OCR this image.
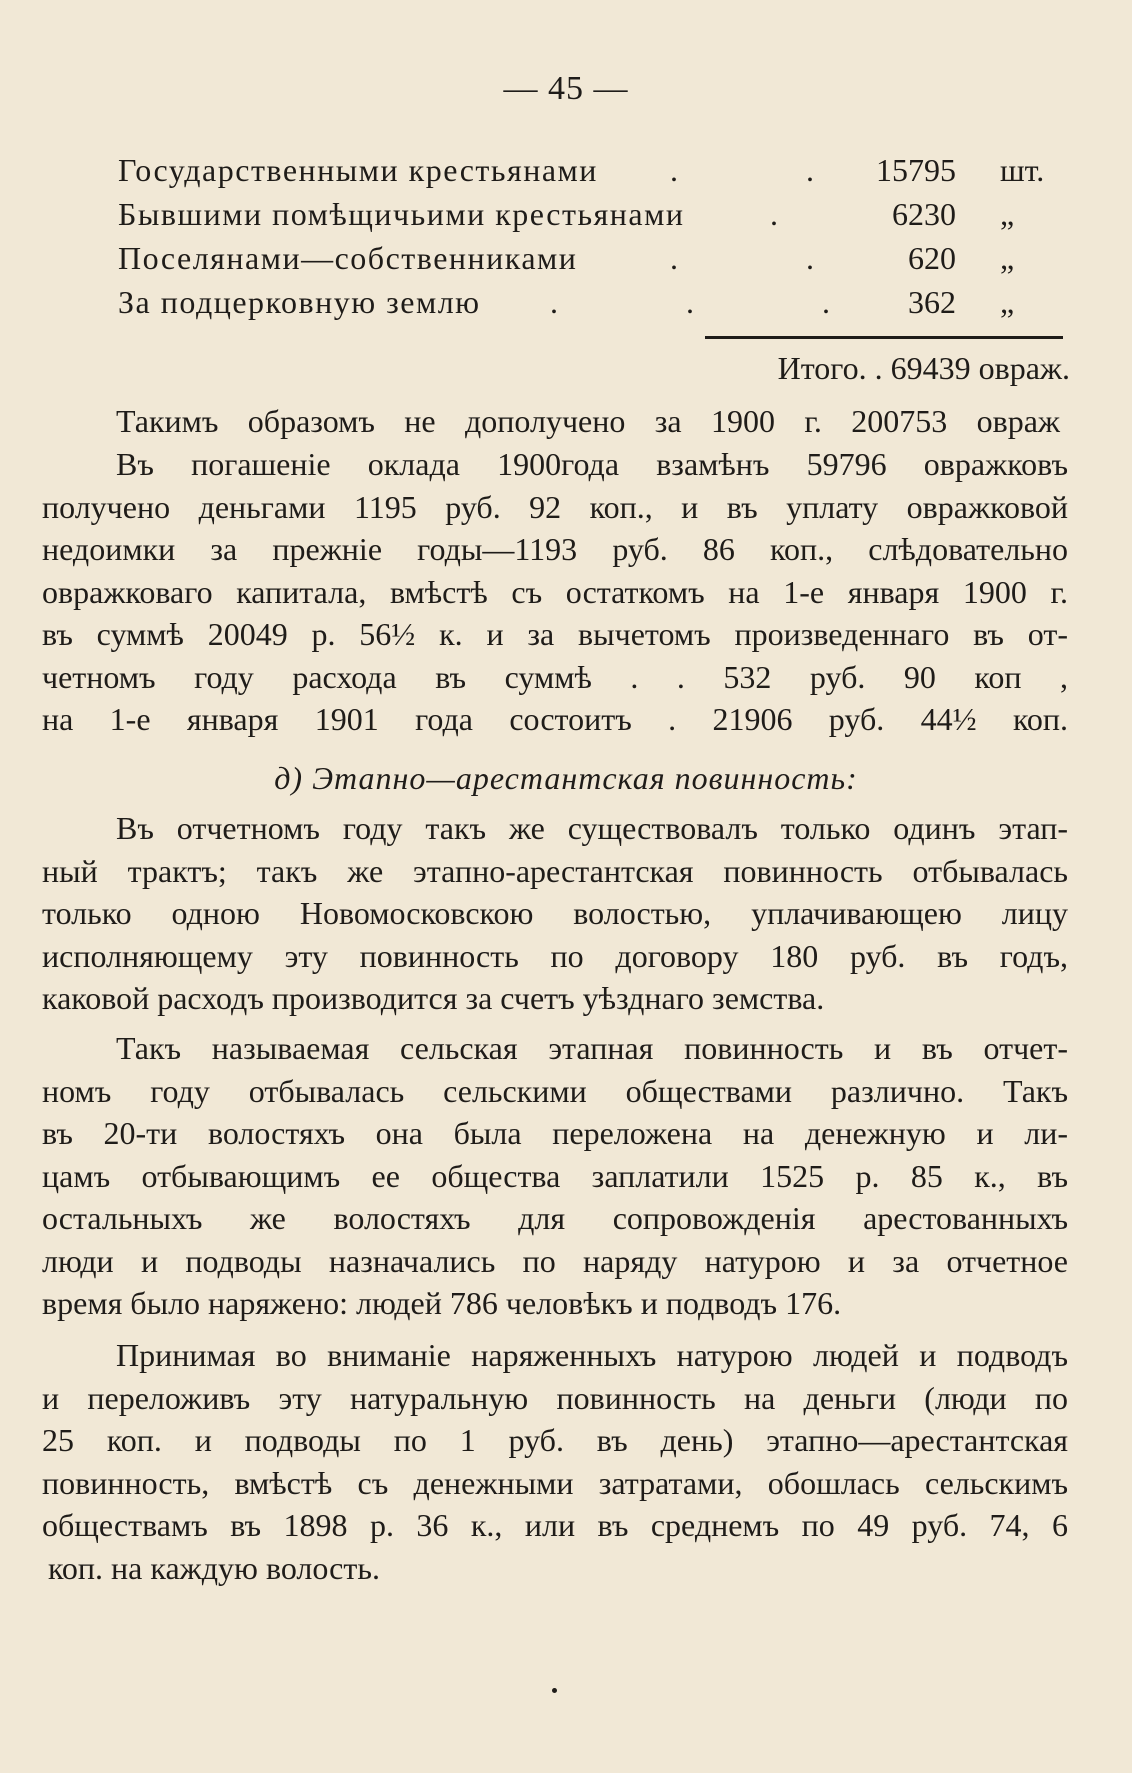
— 45 —
Государственными крестьянами . . 15795 шт.
Бывшими помѣщичьими крестьянами	. 6230 „
Поселянами—собственниками	. . 620 „
За подцерковную землю . . . 362 „
Итого. . 69439 овраж.
Такимъ образомъ не дополучено за 1900 г. 200753 овраж
Въ погашеніе оклада 1900года взамѣнъ 59796 овражковъ
получено деньгами 1195 руб. 92 коп., и въ уплату овражковой
недоимки за прежніе годы—1193 руб. 86 коп., слѣдовательно
овражковаго капитала, вмѣстѣ съ остаткомъ на 1-е января 1900 г.
въ суммѣ 20049 р. 56½ к. и за вычетомъ произведеннаго въ от-
четномъ году расхода въ суммѣ . . 532 руб. 90 коп ,
на 1-е января 1901 года состоитъ . 21906 руб. 44½ коп.
д) Этапно—арестантская повинность:
Въ отчетномъ году такъ же существовалъ только одинъ этап-
ный трактъ; такъ же этапно-арестантская повинность отбывалась
только одною Новомосковскою волостью, уплачивающею лицу
исполняющему эту повинность по договору 180 руб. въ годъ,
каковой расходъ производится за счетъ уѣзднаго земства.
Такъ называемая сельская этапная повинность и въ отчет-
номъ году отбывалась сельскими обществами различно. Такъ
въ 20-ти волостяхъ она была переложена на денежную и ли-
цамъ отбывающимъ ее общества заплатили 1525 р. 85 к., въ
остальныхъ же волостяхъ для сопровожденія арестованныхъ
люди и подводы назначались по наряду натурою и за отчетное
время было наряжено: людей 786 человѣкъ и подводъ 176.
Принимая во вниманіе наряженныхъ натурою людей и подводъ
и переложивъ эту натуральную повинность на деньги (люди по
25 коп. и подводы по 1 руб. въ день) этапно—арестантская
повинность, вмѣстѣ съ денежными затратами, обошлась сельскимъ
обществамъ въ 1898 р. 36 к., или въ среднемъ по 49 руб. 74, 6
коп. на каждую волость.
